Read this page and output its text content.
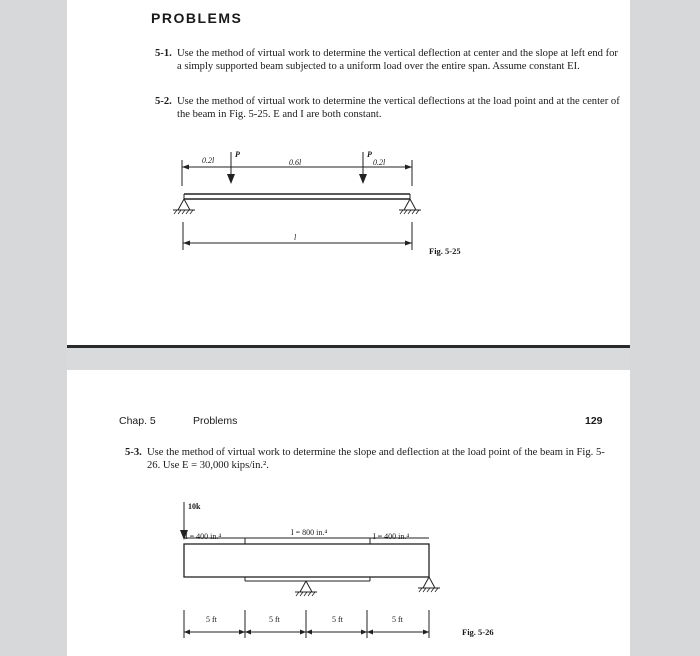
PROBLEMS
5-1. Use the method of virtual work to determine the vertical deflection at center and the slope at left end for a simply supported beam subjected to a uniform load over the entire span. Assume constant EI.
5-2. Use the method of virtual work to determine the vertical deflections at the load point and at the center of the beam in Fig. 5-25. E and I are both constant.
0.2l
P
0.6l
P
0.2l
l
Fig. 5-25
Chap. 5	Problems	129
5-3. Use the method of virtual work to determine the slope and deflection at the load point of the beam in Fig. 5-26. Use E = 30,000 kips/in.².
10k
I = 400 in.⁴	I = 800 in.⁴	I = 400 in.⁴
5 ft	5 ft	5 ft	5 ft
Fig. 5-26
